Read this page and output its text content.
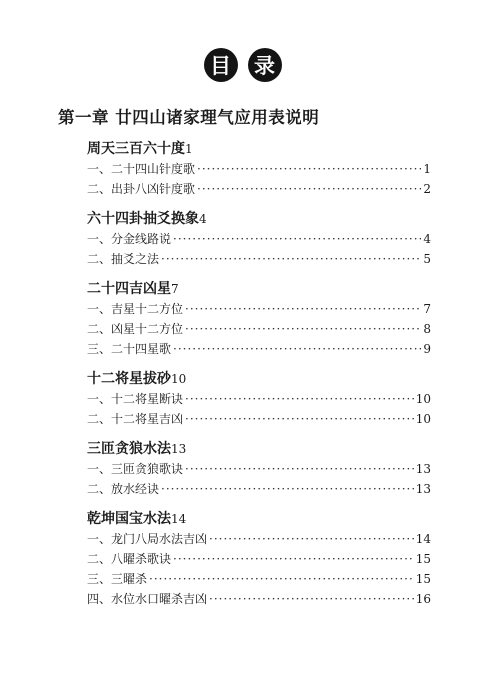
目	录
第一章 廿四山诸家理气应用表说明
周天三百六十度1
一、二十四山针度歌 ·····	1
二、出卦八凶针度歌 ·····	2
六十四卦抽爻换象4
一、分金线路说 ·····	4
二、抽爻之法 ·····	5
二十四吉凶星7
一、吉星十二方位 ·····	7
二、凶星十二方位 ·····	8
三、二十四星歌 ·····	9
十二将星拔砂10
一、十二将星断诀 ·····	10
二、十二将星吉凶 ·····	10
三匝贪狼水法13
一、三匝贪狼歌诀 ·····	13
二、放水经诀 ·····	13
乾坤国宝水法14
一、龙门八局水法吉凶 ·····	14
二、八曜杀歌诀 ·····	15
三、三曜杀 ·····	15
四、水位水口曜杀吉凶 ·····	16
